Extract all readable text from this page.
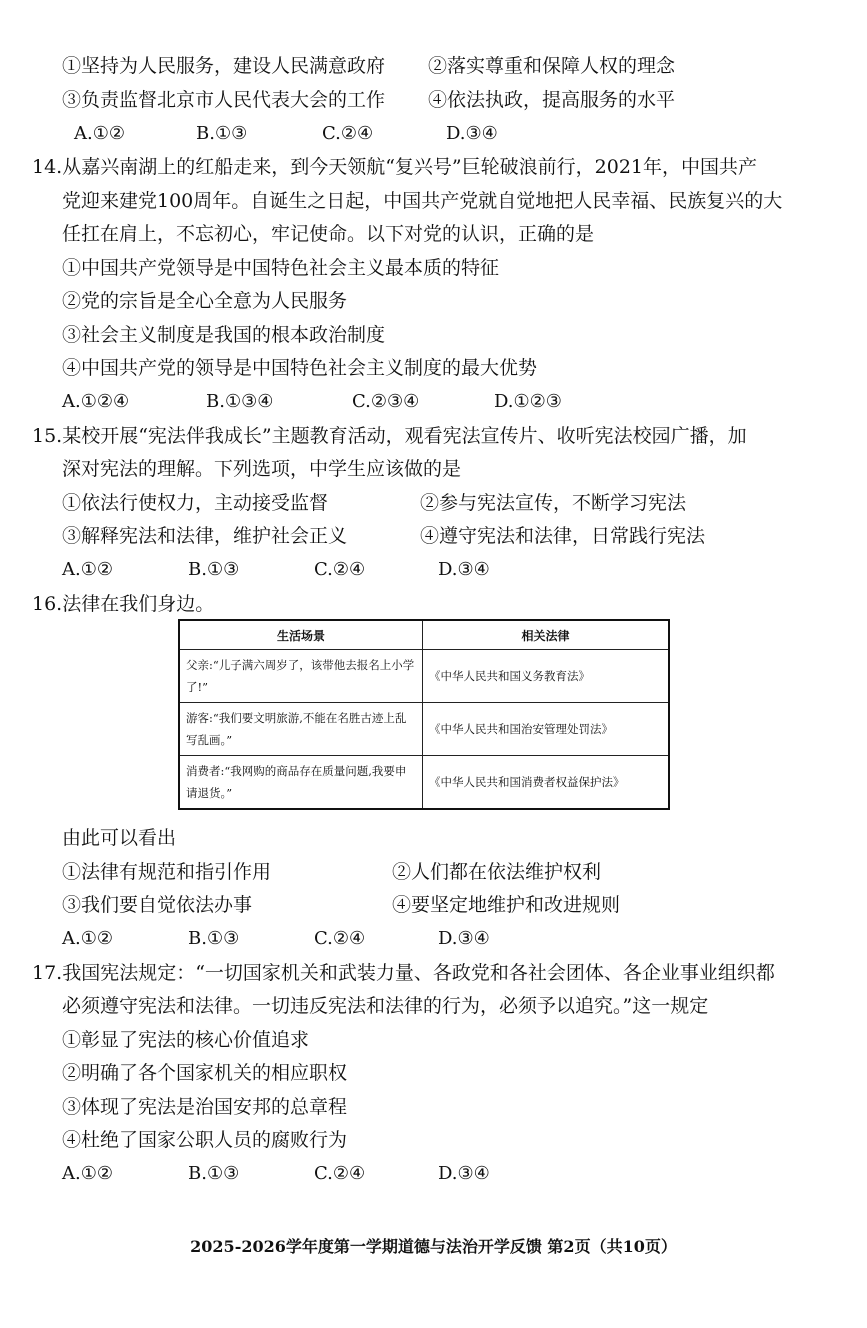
①坚持为人民服务，建设人民满意政府 ②落实尊重和保障人权的理念
③负责监督北京市人民代表大会的工作 ④依法执政，提高服务的水平
A.①②	B.①③	C.②④	D.③④
14.从嘉兴南湖上的红船走来，到今天领航“复兴号”巨轮破浪前行，2021年，中国共产
党迎来建党100周年。自诞生之日起，中国共产党就自觉地把人民幸福、民族复兴的大
任扛在肩上，不忘初心，牢记使命。以下对党的认识，正确的是
①中国共产党领导是中国特色社会主义最本质的特征
②党的宗旨是全心全意为人民服务
③社会主义制度是我国的根本政治制度
④中国共产党的领导是中国特色社会主义制度的最大优势
A.①②④	B.①③④	C.②③④	D.①②③
15.某校开展“宪法伴我成长”主题教育活动，观看宪法宣传片、收听宪法校园广播，加
深对宪法的理解。下列选项，中学生应该做的是
①依法行使权力，主动接受监督	②参与宪法宣传，不断学习宪法
③解释宪法和法律，维护社会正义	④遵守宪法和法律，日常践行宪法
A.①②	B.①③	C.②④	D.③④
16.法律在我们身边。
生活场景	相关法律
父亲:“儿子满六周岁了，该带他去报名上小学了!”	《中华人民共和国义务教育法》
游客:“我们要文明旅游,不能在名胜古迹上乱写乱画。”	《中华人民共和国治安管理处罚法》
消费者:“我网购的商品存在质量问题,我要申请退货。”	《中华人民共和国消费者权益保护法》
由此可以看出
①法律有规范和指引作用	②人们都在依法维护权利
③我们要自觉依法办事	④要坚定地维护和改进规则
A.①②	B.①③	C.②④	D.③④
17.我国宪法规定：“一切国家机关和武装力量、各政党和各社会团体、各企业事业组织都
必须遵守宪法和法律。一切违反宪法和法律的行为，必须予以追究。”这一规定
①彰显了宪法的核心价值追求
②明确了各个国家机关的相应职权
③体现了宪法是治国安邦的总章程
④杜绝了国家公职人员的腐败行为
A.①②	B.①③	C.②④	D.③④
2025-2026学年度第一学期道德与法治开学反馈 第2页（共10页）
